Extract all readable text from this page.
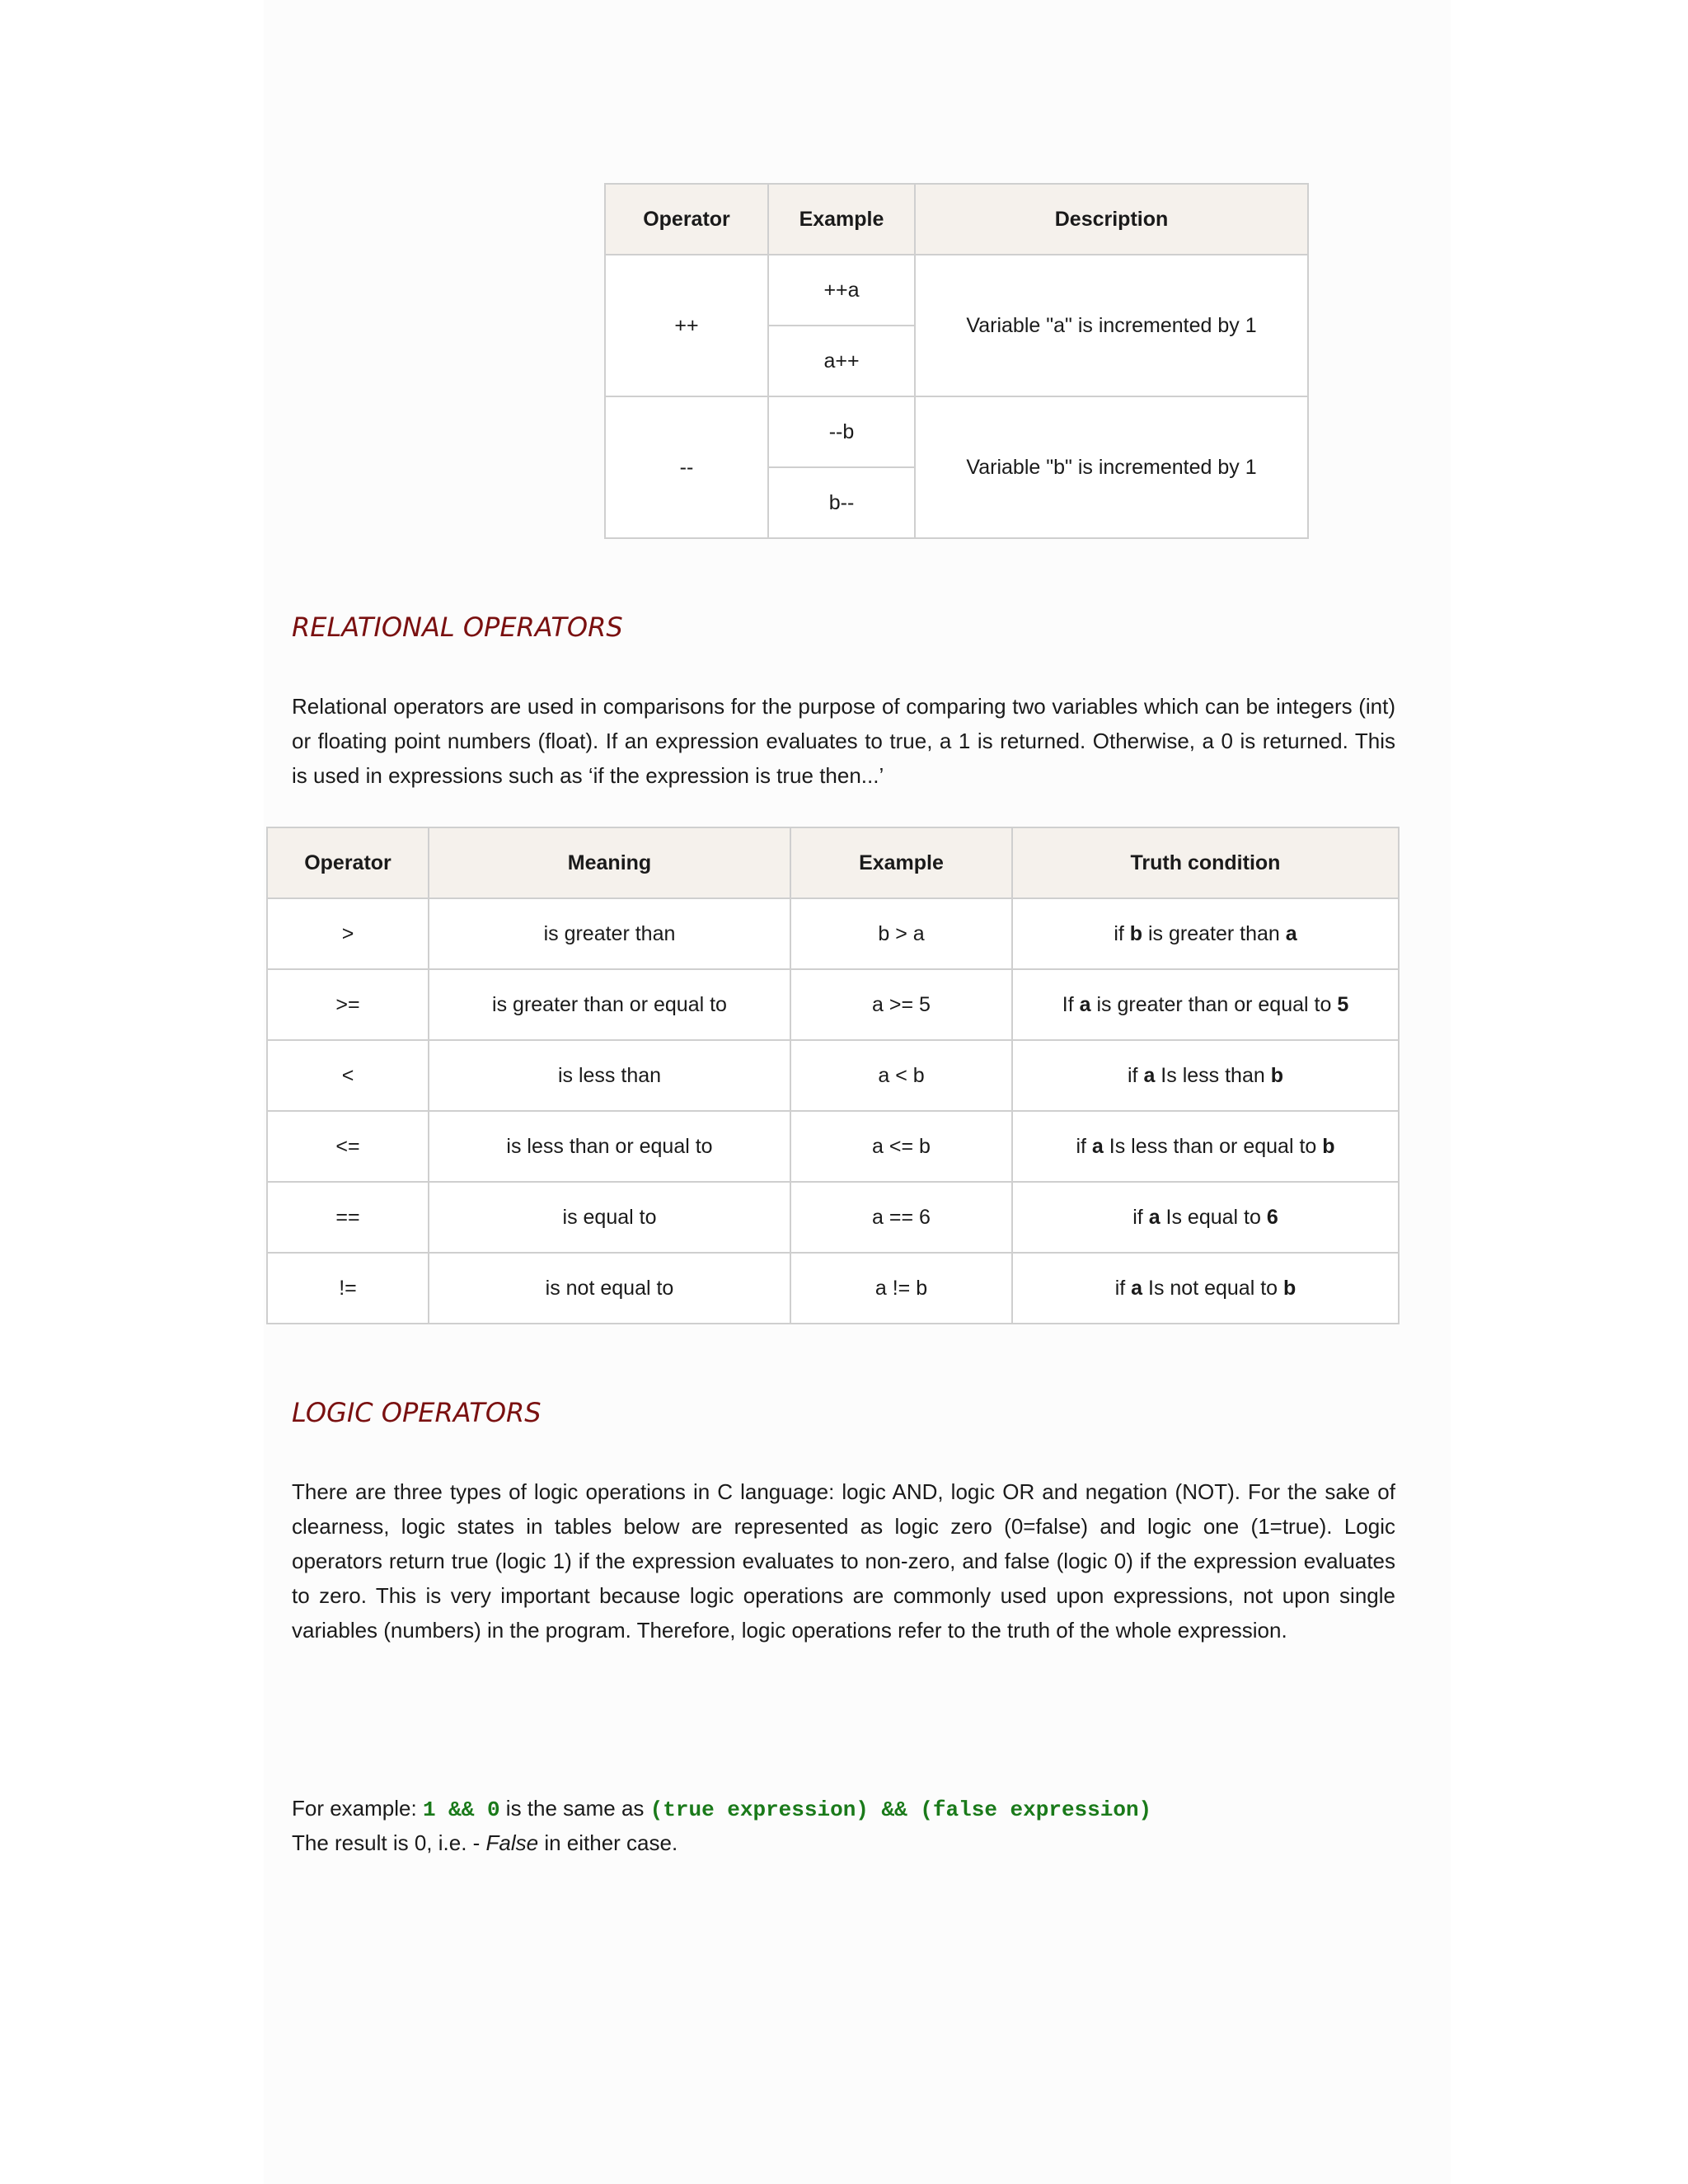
Operator	Example	Description
++	++a	Variable "a" is incremented by 1
	a++	
--	--b	Variable "b" is incremented by 1
	b--	
RELATIONAL OPERATORS

Relational operators are used in comparisons for the purpose of comparing two variables which can be integers (int) or floating point numbers (float). If an expression evaluates to true, a 1 is returned. Otherwise, a 0 is returned. This is used in expressions such as ‘if the expression is true then...’

Operator	Meaning	Example	Truth condition
>	is greater than	b > a	if b is greater than a
>=	is greater than or equal to	a >= 5	If a is greater than or equal to 5
<	is less than	a < b	if a Is less than b
<=	is less than or equal to	a <= b	if a Is less than or equal to b
==	is equal to	a == 6	if a Is equal to 6
!=	is not equal to	a != b	if a Is not equal to b
LOGIC OPERATORS

There are three types of logic operations in C language: logic AND, logic OR and negation (NOT). For the sake of clearness, logic states in tables below are represented as logic zero (0=false) and logic one (1=true). Logic operators return true (logic 1) if the expression evaluates to non-zero, and false (logic 0) if the expression evaluates to zero. This is very important because logic operations are commonly used upon expressions, not upon single variables (numbers) in the program. Therefore, logic operations refer to the truth of the whole expression.

For example: 1 && 0 is the same as (true expression) && (false expression)

The result is 0, i.e. - False in either case.
